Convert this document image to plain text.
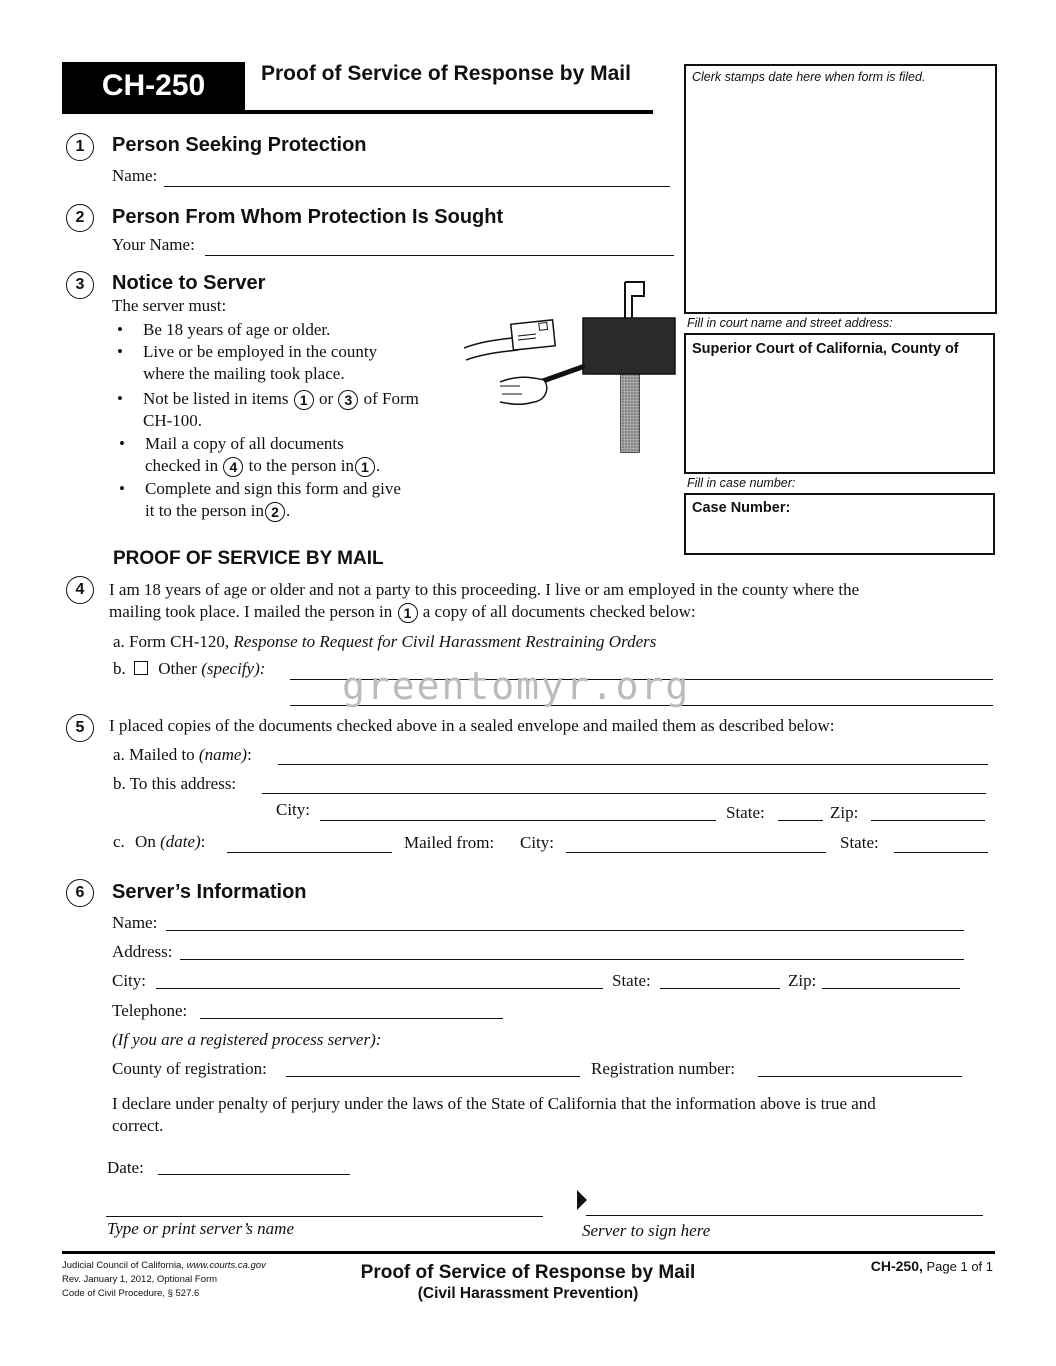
CH-250	Proof of Service of Response by Mail	Clerk stamps date here when form is filed.
Fill in court name and street address:
Superior Court of California, County of
Fill in case number:
Case Number:
1	Person Seeking Protection
Name:
2	Person From Whom Protection Is Sought
Your Name:
3	Notice to Server
The server must:
• Be 18 years of age or older.
• Live or be employed in the county
where the mailing took place.
• Not be listed in items 1 or 3 of Form
CH-100.
• Mail a copy of all documents
checked in 4 to the person in 1 .
• Complete and sign this form and give
it to the person in 2 .
PROOF OF SERVICE BY MAIL
4	I am 18 years of age or older and not a party to this proceeding. I live or am employed in the county where the
mailing took place. I mailed the person in 1 a copy of all documents checked below:
a. Form CH-120, Response to Request for Civil Harassment Restraining Orders
b. Other (specify): greentomyr.org
5	I placed copies of the documents checked above in a sealed envelope and mailed them as described below:
a. Mailed to (name):
b. To this address:
City:	State:	Zip:
c. On (date):	Mailed from: City:	State:
6	Server’s Information
Name:
Address:
City:	State:	Zip:
Telephone:
(If you are a registered process server):
County of registration:	Registration number:
I declare under penalty of perjury under the laws of the State of California that the information above is true and
correct.
Date:
Type or print server’s name	Server to sign here
Judicial Council of California, www.courts.ca.gov
Rev. January 1, 2012, Optional Form
Code of Civil Procedure, § 527.6
Proof of Service of Response by Mail
(Civil Harassment Prevention)
CH-250, Page 1 of 1
